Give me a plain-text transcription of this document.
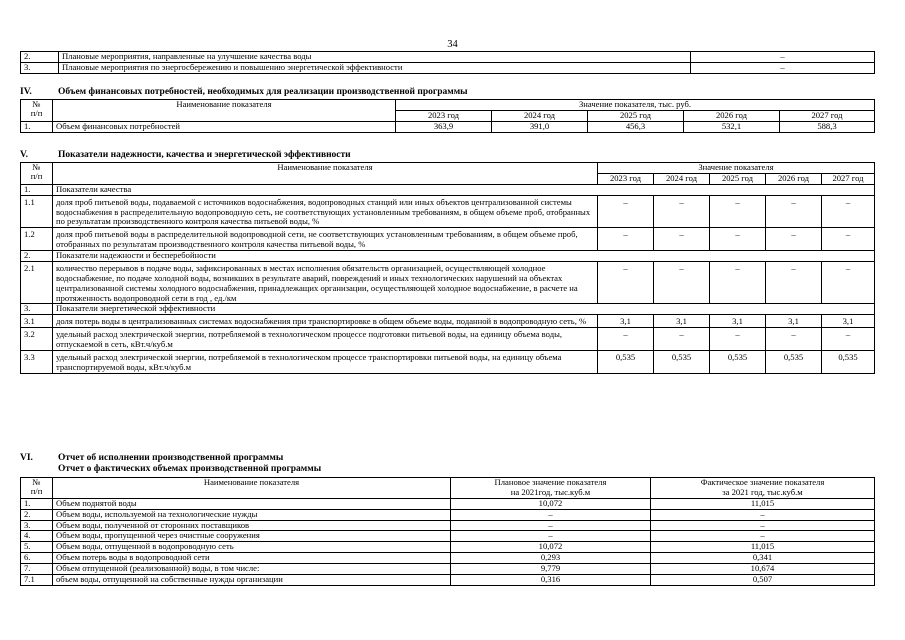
34
2.	Плановые мероприятия, направленные на улучшение качества воды	–
3.	Плановые мероприятия по энергосбережению и повышению энергетической эффективности	–
IV.	Объем финансовых потребностей, необходимых для реализации производственной программы
№
п/п	Наименование показателя	Значение показателя, тыс. руб.				
		2023 год	2024 год	2025 год	2026 год	2027 год
1.	Объем финансовых потребностей	363,9	391,0	456,3	532,1	588,3
V.	Показатели надежности, качества и энергетической эффективности
№
п/п	Наименование показателя	Значение показателя				
		2023 год	2024 год	2025 год	2026 год	2027 год
1.	Показатели качества					
1.1	доля проб питьевой воды, подаваемой с источников водоснабжения, водопроводных станций или иных объектов централизованной системы водоснабжения в распределительную водопроводную сеть, не соответствующих установленным требованиям, в общем объеме проб, отобранных по результатам производственного контроля качества питьевой воды, %	–	–	–	–	–
1.2	доля проб питьевой воды в распределительной водопроводной сети, не соответствующих установленным требованиям, в общем объеме проб, отобранных по результатам производственного контроля качества питьевой воды, %	–	–	–	–	–
2.	Показатели надежности и бесперебойности					
2.1	количество перерывов в подаче воды, зафиксированных в местах исполнения обязательств организацией, осуществляющей холодное водоснабжение, по подаче холодной воды, возникших в результате аварий, повреждений и иных технологических нарушений на объектах централизованной системы холодного водоснабжения, принадлежащих организации, осуществляющей холодное водоснабжение, в расчете на протяженность водопроводной сети в год , ед./км	–	–	–	–	–
3.	Показатели энергетической эффективности					
3.1	доля потерь воды в централизованных системах водоснабжения при транспортировке в общем объеме воды, поданной в водопроводную сеть, %	3,1	3,1	3,1	3,1	3,1
3.2	удельный расход электрической энергии, потребляемой в технологическом процессе подготовки питьевой воды, на единицу объема воды, отпускаемой в сеть, кВт.ч/куб.м	–	–	–	–	–
3.3	удельный расход электрической энергии, потребляемой в технологическом процессе транспортировки питьевой воды, на единицу объема транспортируемой воды, кВт.ч/куб.м	0,535	0,535	0,535	0,535	0,535
VI.	Отчет об исполнении производственной программы
Отчет о фактических объемах производственной программы
№
п/п	Наименование показателя	Плановое значение показателя
на 2021год, тыс.куб.м	Фактическое значение показателя
за 2021 год, тыс.куб.м
1.	Объем поднятой воды	10,072	11,015
2.	Объем воды, используемой на технологические нужды	–	–
3.	Объем воды, полученной от сторонних поставщиков	–	–
4.	Объем воды, пропущенной через очистные сооружения	–	–
5.	Объем воды, отпущенной в водопроводную сеть	10,072	11,015
6.	Объем потерь воды в водопроводной сети	0,293	0,341
7.	Объем отпущенной (реализованной) воды, в том числе:	9,779	10,674
7.1	объем воды, отпущенной на собственные нужды организации	0,316	0,507
